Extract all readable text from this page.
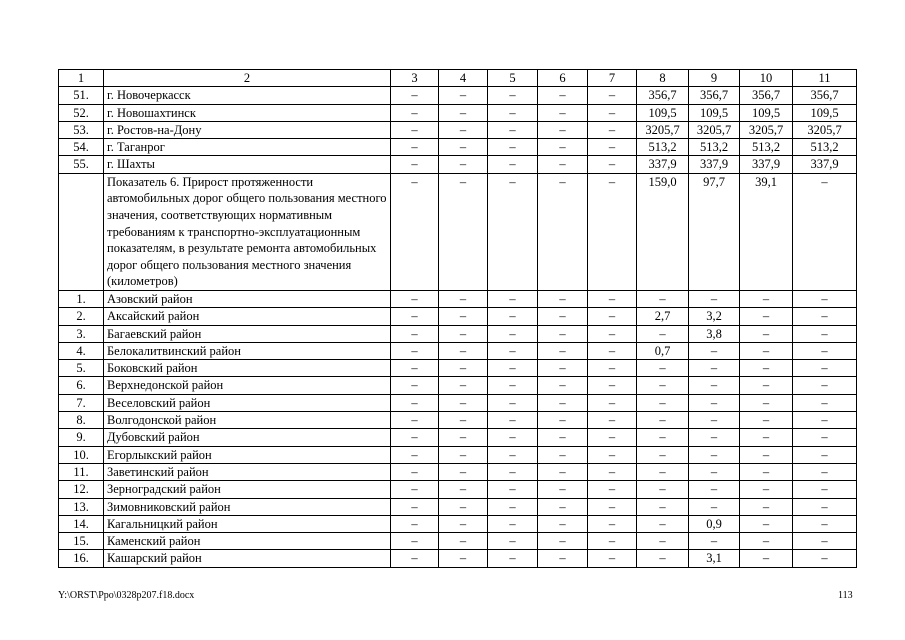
1	2	3	4	5	6	7	8	9	10	11
51.	г. Новочеркасск	–	–	–	–	–	356,7	356,7	356,7	356,7
52.	г. Новошахтинск	–	–	–	–	–	109,5	109,5	109,5	109,5
53.	г. Ростов-на-Дону	–	–	–	–	–	3205,7	3205,7	3205,7	3205,7
54.	г. Таганрог	–	–	–	–	–	513,2	513,2	513,2	513,2
55.	г. Шахты	–	–	–	–	–	337,9	337,9	337,9	337,9
	Показатель 6. Прирост протяженности автомобильных дорог общего пользования местного значения, соответствующих нормативным требованиям к транспортно-эксплуатационным показателям, в результате ремонта автомобильных дорог общего пользования местного значения (километров)	–	–	–	–	–	159,0	97,7	39,1	–
1.	Азовский район	–	–	–	–	–	–	–	–	–
2.	Аксайский район	–	–	–	–	–	2,7	3,2	–	–
3.	Багаевский район	–	–	–	–	–	–	3,8	–	–
4.	Белокалитвинский район	–	–	–	–	–	0,7	–	–	–
5.	Боковский район	–	–	–	–	–	–	–	–	–
6.	Верхнедонской район	–	–	–	–	–	–	–	–	–
7.	Веселовский район	–	–	–	–	–	–	–	–	–
8.	Волгодонской район	–	–	–	–	–	–	–	–	–
9.	Дубовский район	–	–	–	–	–	–	–	–	–
10.	Егорлыкский район	–	–	–	–	–	–	–	–	–
11.	Заветинский район	–	–	–	–	–	–	–	–	–
12.	Зерноградский район	–	–	–	–	–	–	–	–	–
13.	Зимовниковский район	–	–	–	–	–	–	–	–	–
14.	Кагальницкий район	–	–	–	–	–	–	0,9	–	–
15.	Каменский район	–	–	–	–	–	–	–	–	–
16.	Кашарский район	–	–	–	–	–	–	3,1	–	–
Y:\ORST\Ppo\0328p207.f18.docx	113
